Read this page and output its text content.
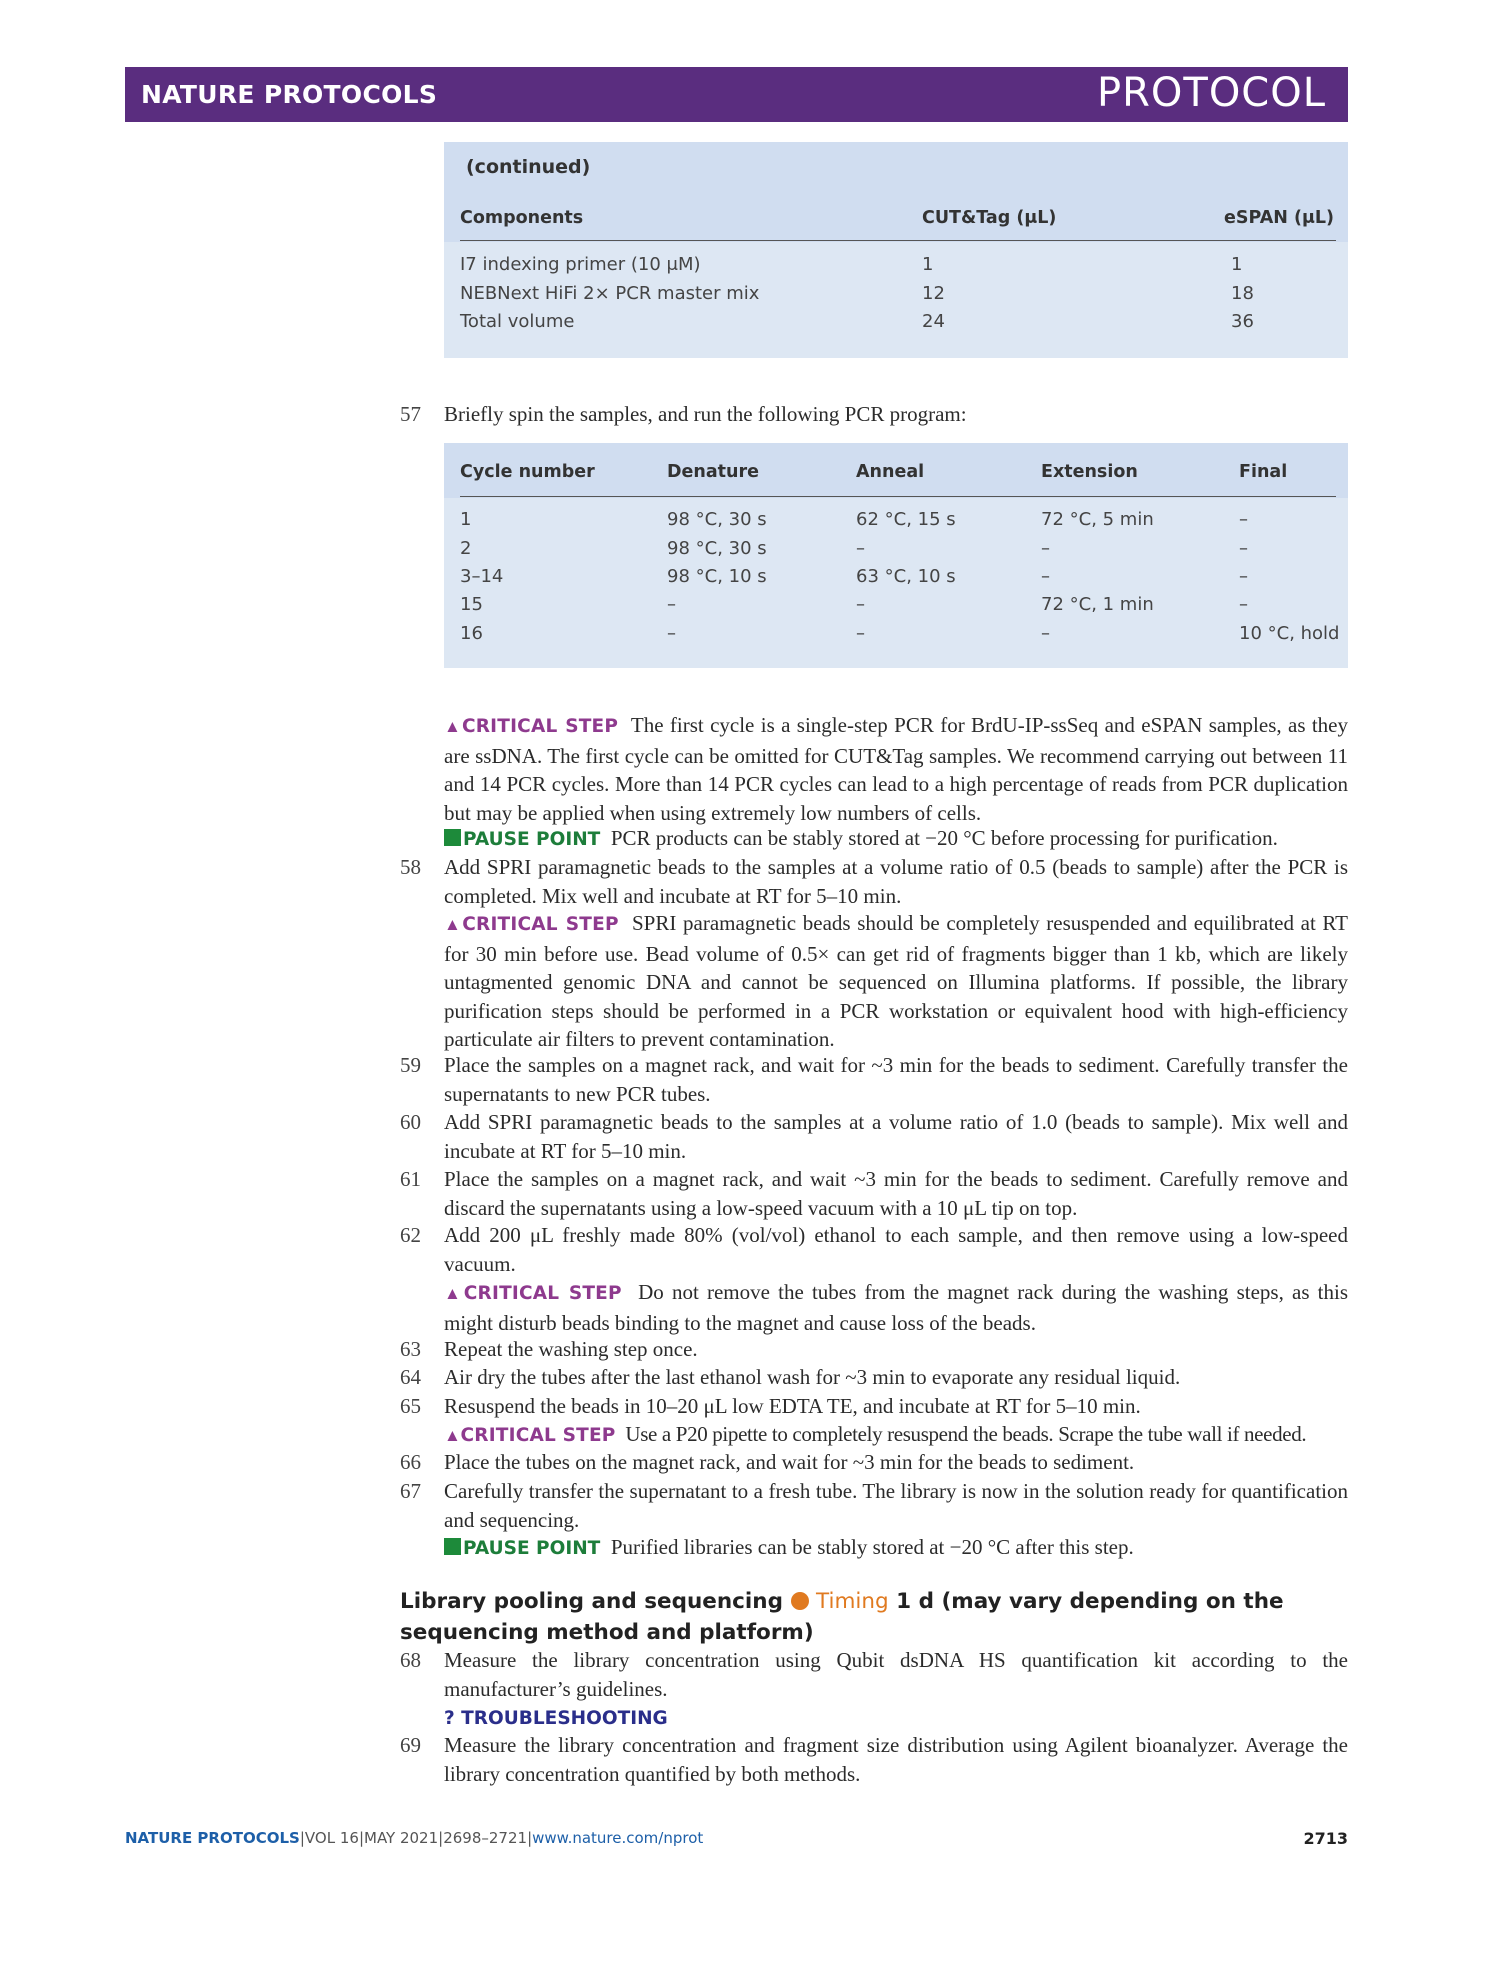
NATURE PROTOCOLS	PROTOCOL
(continued)
Components	CUT&Tag (μL)	eSPAN (μL)
I7 indexing primer (10 μM)	1	1
NEBNext HiFi 2× PCR master mix	12	18
Total volume	24	36
57 Briefly spin the samples, and run the following PCR program:
Cycle number	Denature	Anneal	Extension	Final
1	98 °C, 30 s	62 °C, 15 s	72 °C, 5 min	–
2	98 °C, 30 s	–	–	–
3–14	98 °C, 10 s	63 °C, 10 s	–	–
15	–	–	72 °C, 1 min	–
16	–	–	–	10 °C, hold
▲CRITICAL STEP The first cycle is a single-step PCR for BrdU-IP-ssSeq and eSPAN samples, as they are ssDNA. The first cycle can be omitted for CUT&Tag samples. We recommend carrying out between 11 and 14 PCR cycles. More than 14 PCR cycles can lead to a high percentage of reads from PCR duplication but may be applied when using extremely low numbers of cells.
PAUSE POINT PCR products can be stably stored at −20 °C before processing for purification.
58 Add SPRI paramagnetic beads to the samples at a volume ratio of 0.5 (beads to sample) after the PCR is completed. Mix well and incubate at RT for 5–10 min.
▲CRITICAL STEP SPRI paramagnetic beads should be completely resuspended and equilibrated at RT for 30 min before use. Bead volume of 0.5× can get rid of fragments bigger than 1 kb, which are likely untagmented genomic DNA and cannot be sequenced on Illumina platforms. If possible, the library purification steps should be performed in a PCR workstation or equivalent hood with high-efficiency particulate air filters to prevent contamination.
59 Place the samples on a magnet rack, and wait for ~3 min for the beads to sediment. Carefully transfer the supernatants to new PCR tubes.
60 Add SPRI paramagnetic beads to the samples at a volume ratio of 1.0 (beads to sample). Mix well and incubate at RT for 5–10 min.
61 Place the samples on a magnet rack, and wait ~3 min for the beads to sediment. Carefully remove and discard the supernatants using a low-speed vacuum with a 10 μL tip on top.
62 Add 200 μL freshly made 80% (vol/vol) ethanol to each sample, and then remove using a low-speed vacuum.
▲CRITICAL STEP Do not remove the tubes from the magnet rack during the washing steps, as this might disturb beads binding to the magnet and cause loss of the beads.
63 Repeat the washing step once.
64 Air dry the tubes after the last ethanol wash for ~3 min to evaporate any residual liquid.
65 Resuspend the beads in 10–20 μL low EDTA TE, and incubate at RT for 5–10 min.
▲CRITICAL STEP Use a P20 pipette to completely resuspend the beads. Scrape the tube wall if needed.
66 Place the tubes on the magnet rack, and wait for ~3 min for the beads to sediment.
67 Carefully transfer the supernatant to a fresh tube. The library is now in the solution ready for quantification and sequencing.
PAUSE POINT Purified libraries can be stably stored at −20 °C after this step.
Library pooling and sequencing Timing 1 d (may vary depending on the sequencing method and platform)
68 Measure the library concentration using Qubit dsDNA HS quantification kit according to the manufacturer’s guidelines.
? TROUBLESHOOTING
69 Measure the library concentration and fragment size distribution using Agilent bioanalyzer. Average the library concentration quantified by both methods.
NATURE PROTOCOLS|VOL 16|MAY 2021|2698–2721|www.nature.com/nprot	2713
